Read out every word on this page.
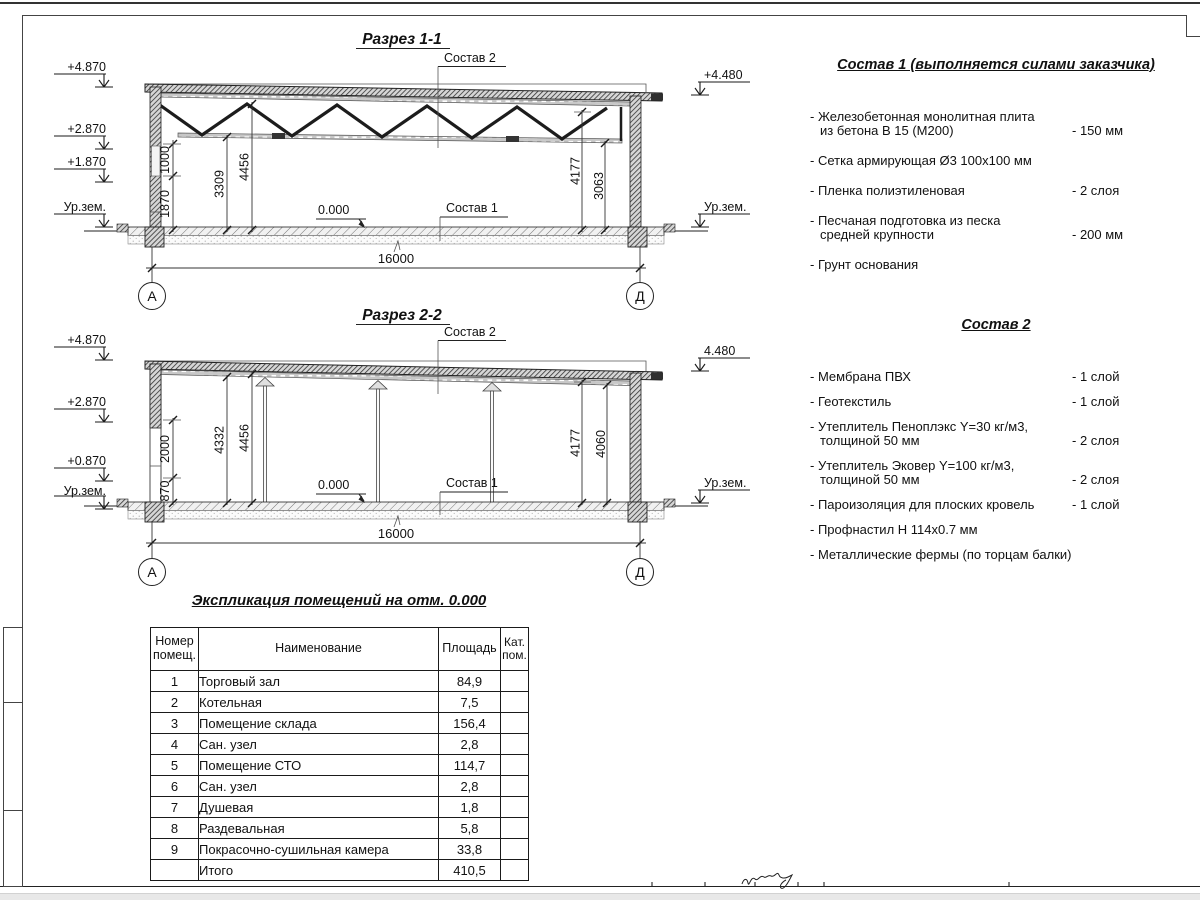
Разрез 1-1
+4.870
+2.870
+1.870
Ур.зем.
+4.480
Ур.зем.
1870
1000
3309
4456	4177
3063
0.000
Состав 2
Состав 1
16000
А	Д
Разрез 2-2
+4.870
+2.870
+0.870
Ур.зем.
4.480
Ур.зем.
870
2000	4332 4456	4177 4060
0.000
Состав 2
Состав 1
16000
А	Д
Состав 1 (выполняется силами заказчика)
- Железобетонная монолитная плита
из бетона В 15 (М200)	- 150 мм
- Сетка армирующая Ø3 100x100 мм
- Пленка полиэтиленовая	- 2 слоя
- Песчаная подготовка из песка
средней крупности	- 200 мм
- Грунт основания
Состав 2
- Мембрана ПВХ	- 1 слой
- Геотекстиль	- 1 слой
- Утеплитель Пеноплэкс Y=30 кг/м3,
толщиной 50 мм	- 2 слоя
- Утеплитель Эковер Y=100 кг/м3,
толщиной 50 мм	- 2 слоя
- Пароизоляция для плоских кровель	- 1 слой
- Профнастил Н 114x0.7 мм
- Металлические фермы (по торцам балки)
Экспликация помещений на отм. 0.000
Номер помещ.	Наименование	Площадь	Кат. пом.
1	Торговый зал	84,9	
2	Котельная	7,5	
3	Помещение склада	156,4	
4	Сан. узел	2,8	
5	Помещение СТО	114,7	
6	Сан. узел	2,8	
7	Душевая	1,8	
8	Раздевальная	5,8	
9	Покрасочно-сушильная камера	33,8	
	Итого	410,5	
